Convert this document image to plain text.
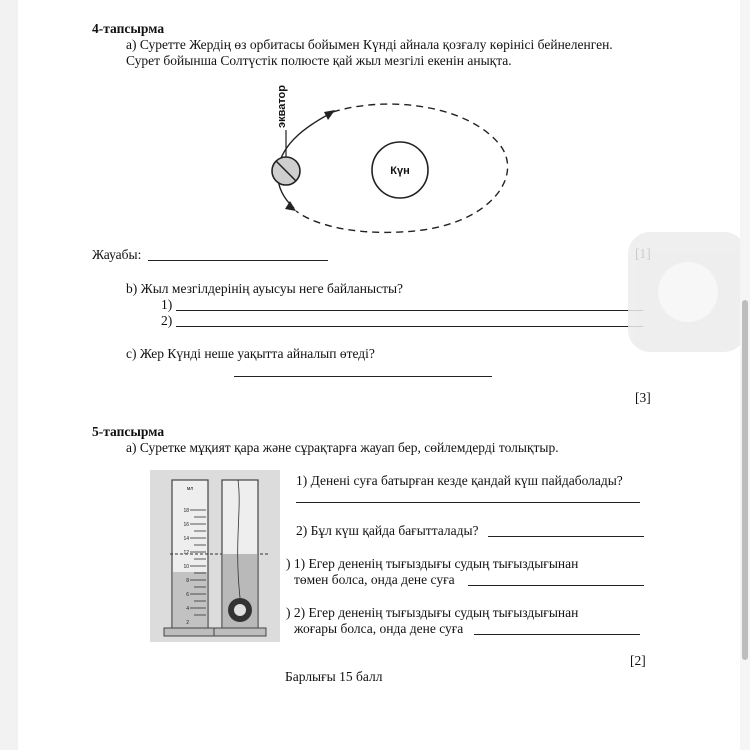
4-тапсырма
a) Суретте Жердің өз орбитасы бойымен Күнді айнала қозғалу көрінісі бейнеленген.
Сурет бойынша Солтүстік полюсте қай жыл мезгілі екенін анықта.
Күн
экватор
Жауабы:
b) Жыл мезгілдерінің ауысуы неге байланысты?
1)
2)
c) Жер Күнді неше уақытта айналып өтеді?
[3]
5-тапсырма
a) Суретке мұқият қара және сұрақтарға жауап бер, сөйлемдерді толықтыр.
1) Денені суға батырған кезде қандай күш пайдаболады?
2) Бұл күш қайда бағытталады?
) 1) Егер дененің тығыздығы судың тығыздығынан
төмен болса, онда дене суға
) 2) Егер дененің тығыздығы судың тығыздығынан
жоғары болса, онда дене суға
[2]
Барлығы 15 балл
мл
18
16
14
12
10
8
6
4
2
